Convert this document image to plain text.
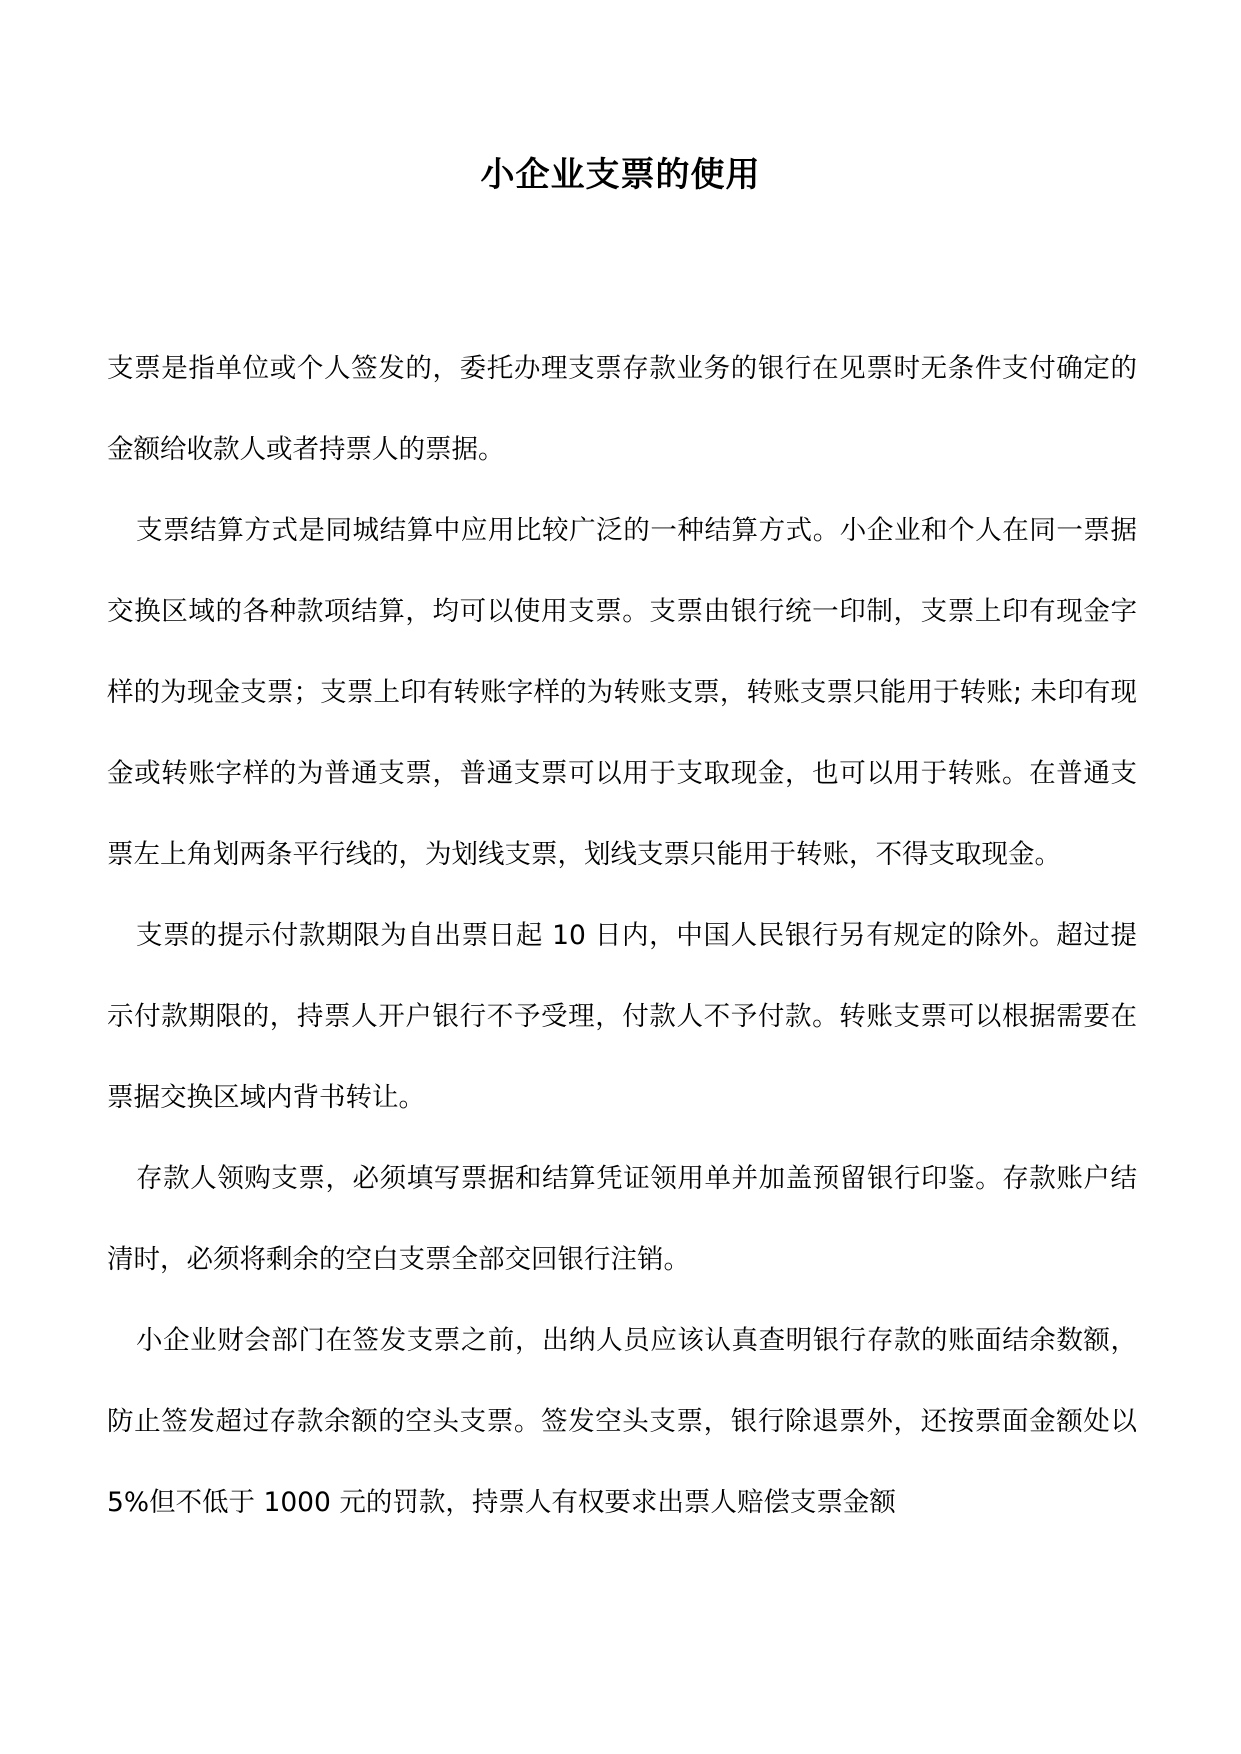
小企业支票的使用

支票是指单位或个人签发的，委托办理支票存款业务的银行在见票时无条件支付确定的金额给收款人或者持票人的票据。

支票结算方式是同城结算中应用比较广泛的一种结算方式。小企业和个人在同一票据交换区域的各种款项结算，均可以使用支票。支票由银行统一印制，支票上印有现金字样的为现金支票；支票上印有转账字样的为转账支票，转账支票只能用于转账; 未印有现金或转账字样的为普通支票，普通支票可以用于支取现金，也可以用于转账。在普通支票左上角划两条平行线的，为划线支票，划线支票只能用于转账，不得支取现金。

支票的提示付款期限为自出票日起 10 日内，中国人民银行另有规定的除外。超过提示付款期限的，持票人开户银行不予受理，付款人不予付款。转账支票可以根据需要在票据交换区域内背书转让。

存款人领购支票，必须填写票据和结算凭证领用单并加盖预留银行印鉴。存款账户结清时，必须将剩余的空白支票全部交回银行注销。

小企业财会部门在签发支票之前，出纳人员应该认真查明银行存款的账面结余数额，防止签发超过存款余额的空头支票。签发空头支票，银行除退票外，还按票面金额处以 5%但不低于 1000 元的罚款，持票人有权要求出票人赔偿支票金额
